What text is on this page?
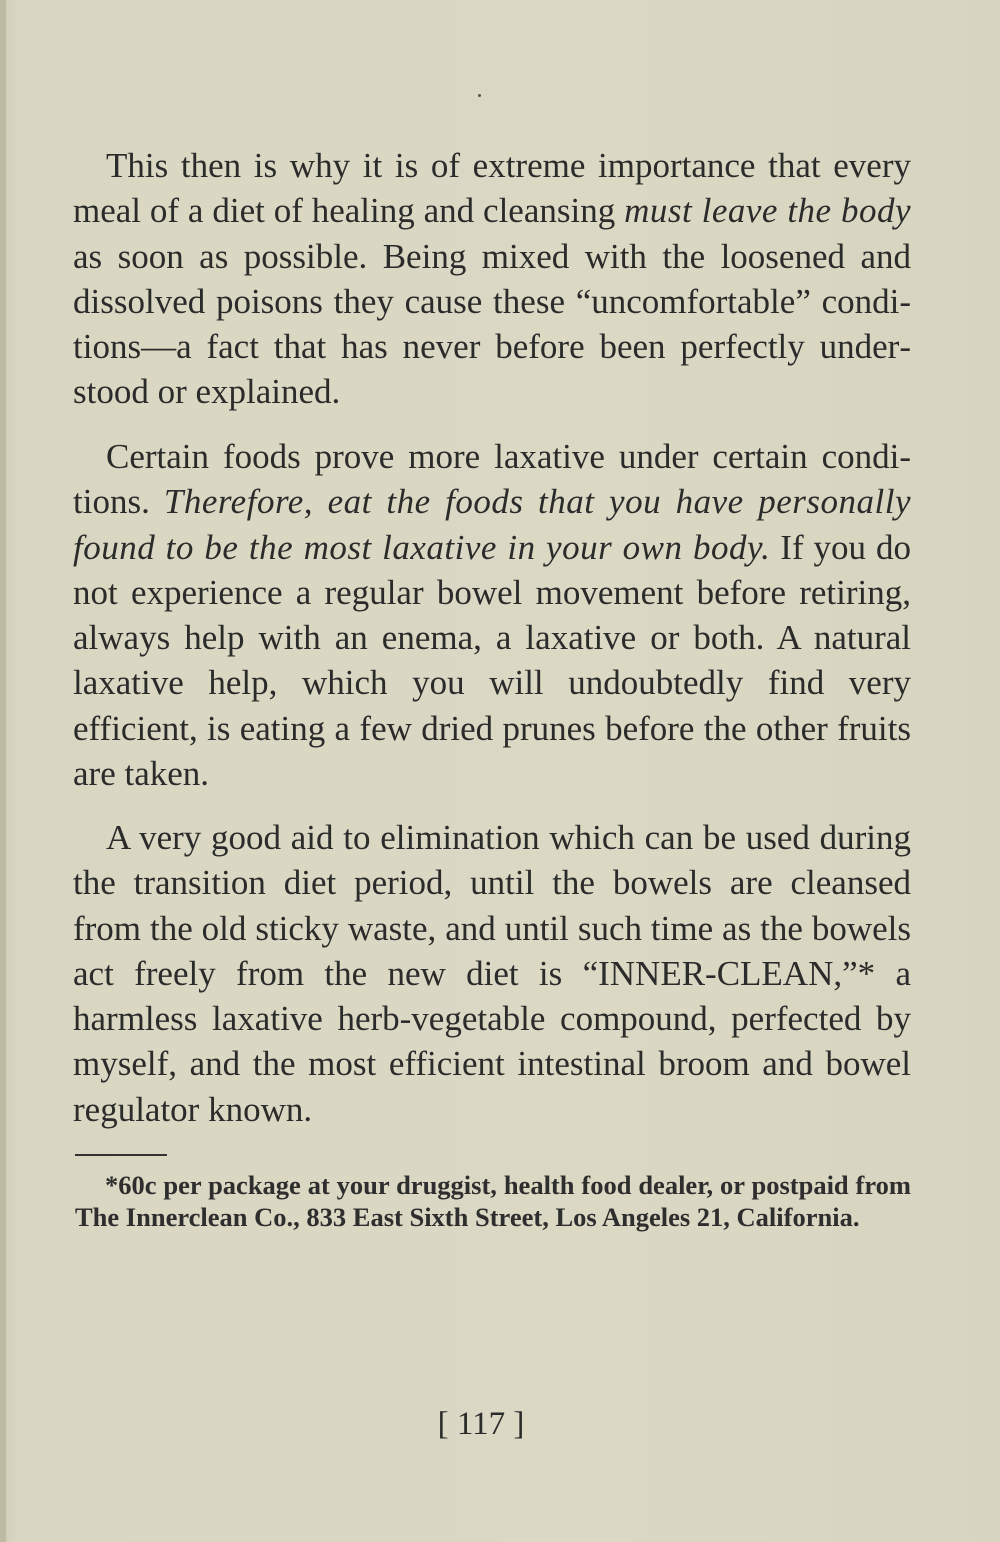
This then is why it is of extreme importance that every meal of a diet of healing and cleansing must leave the body as soon as possible. Being mixed with the loosened and dissolved poisons they cause these “uncomfortable” conditions—a fact that has never before been perfectly understood or explained.

Certain foods prove more laxative under certain conditions. Therefore, eat the foods that you have personally found to be the most laxative in your own body. If you do not experience a regular bowel movement before retiring, always help with an enema, a laxative or both. A natural laxative help, which you will undoubtedly find very efficient, is eating a few dried prunes before the other fruits are taken.

A very good aid to elimination which can be used during the transition diet period, until the bowels are cleansed from the old sticky waste, and until such time as the bowels act freely from the new diet is “INNER-CLEAN,”* a harmless laxative herb-vegetable compound, perfected by myself, and the most efficient intestinal broom and bowel regulator known.

*60c per package at your druggist, health food dealer, or postpaid from The Innerclean Co., 833 East Sixth Street, Los Angeles 21, California.

[ 117 ]
